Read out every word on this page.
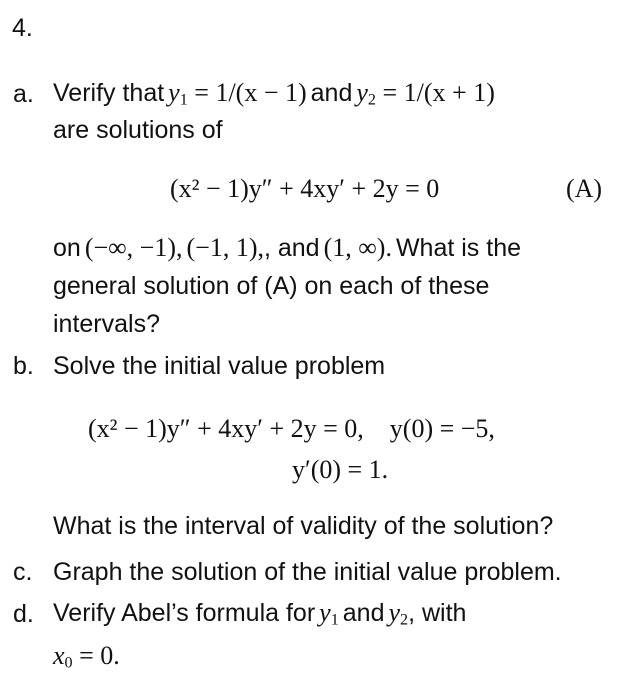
4.
a. Verify that $y_1 = 1/(x - 1)$ and $y_2 = 1/(x + 1)$
are solutions of
(x² − 1)y″ + 4xy′ + 2y = 0	(A)
on (−∞, −1), (−1, 1),, and (1, ∞). What is the
general solution of (A) on each of these
intervals?
b. Solve the initial value problem
(x² − 1)y″ + 4xy′ + 2y = 0,    y(0) = −5,
y′(0) = 1.
What is the interval of validity of the solution?
c. Graph the solution of the initial value problem.
d. Verify Abel’s formula for $y_1$ and $y_2$, with
$x_0 = 0$.
